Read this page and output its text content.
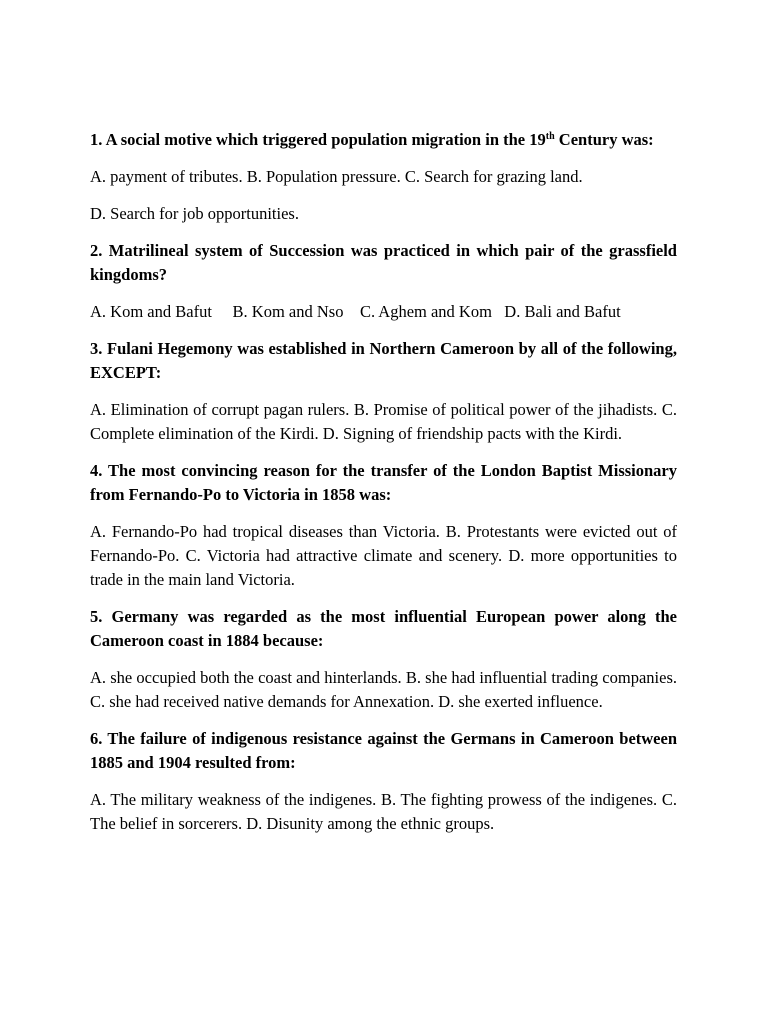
1. A social motive which triggered population migration in the 19th Century was:

A. payment of tributes. B. Population pressure. C. Search for grazing land.

D. Search for job opportunities.

2. Matrilineal system of Succession was practiced in which pair of the grassfield kingdoms?

A. Kom and Bafut     B. Kom and Nso    C. Aghem and Kom   D. Bali and Bafut

3. Fulani Hegemony was established in Northern Cameroon by all of the following, EXCEPT:

A. Elimination of corrupt pagan rulers. B. Promise of political power of the jihadists. C. Complete elimination of the Kirdi. D. Signing of friendship pacts with the Kirdi.

4. The most convincing reason for the transfer of the London Baptist Missionary from Fernando-Po to Victoria in 1858 was:

A. Fernando-Po had tropical diseases than Victoria. B. Protestants were evicted out of Fernando-Po. C. Victoria had attractive climate and scenery. D. more opportunities to trade in the main land Victoria.

5. Germany was regarded as the most influential European power along the Cameroon coast in 1884 because:

A. she occupied both the coast and hinterlands. B. she had influential trading companies. C. she had received native demands for Annexation. D. she exerted influence.

6. The failure of indigenous resistance against the Germans in Cameroon between 1885 and 1904 resulted from:

A. The military weakness of the indigenes. B. The fighting prowess of the indigenes. C. The belief in sorcerers. D. Disunity among the ethnic groups.
